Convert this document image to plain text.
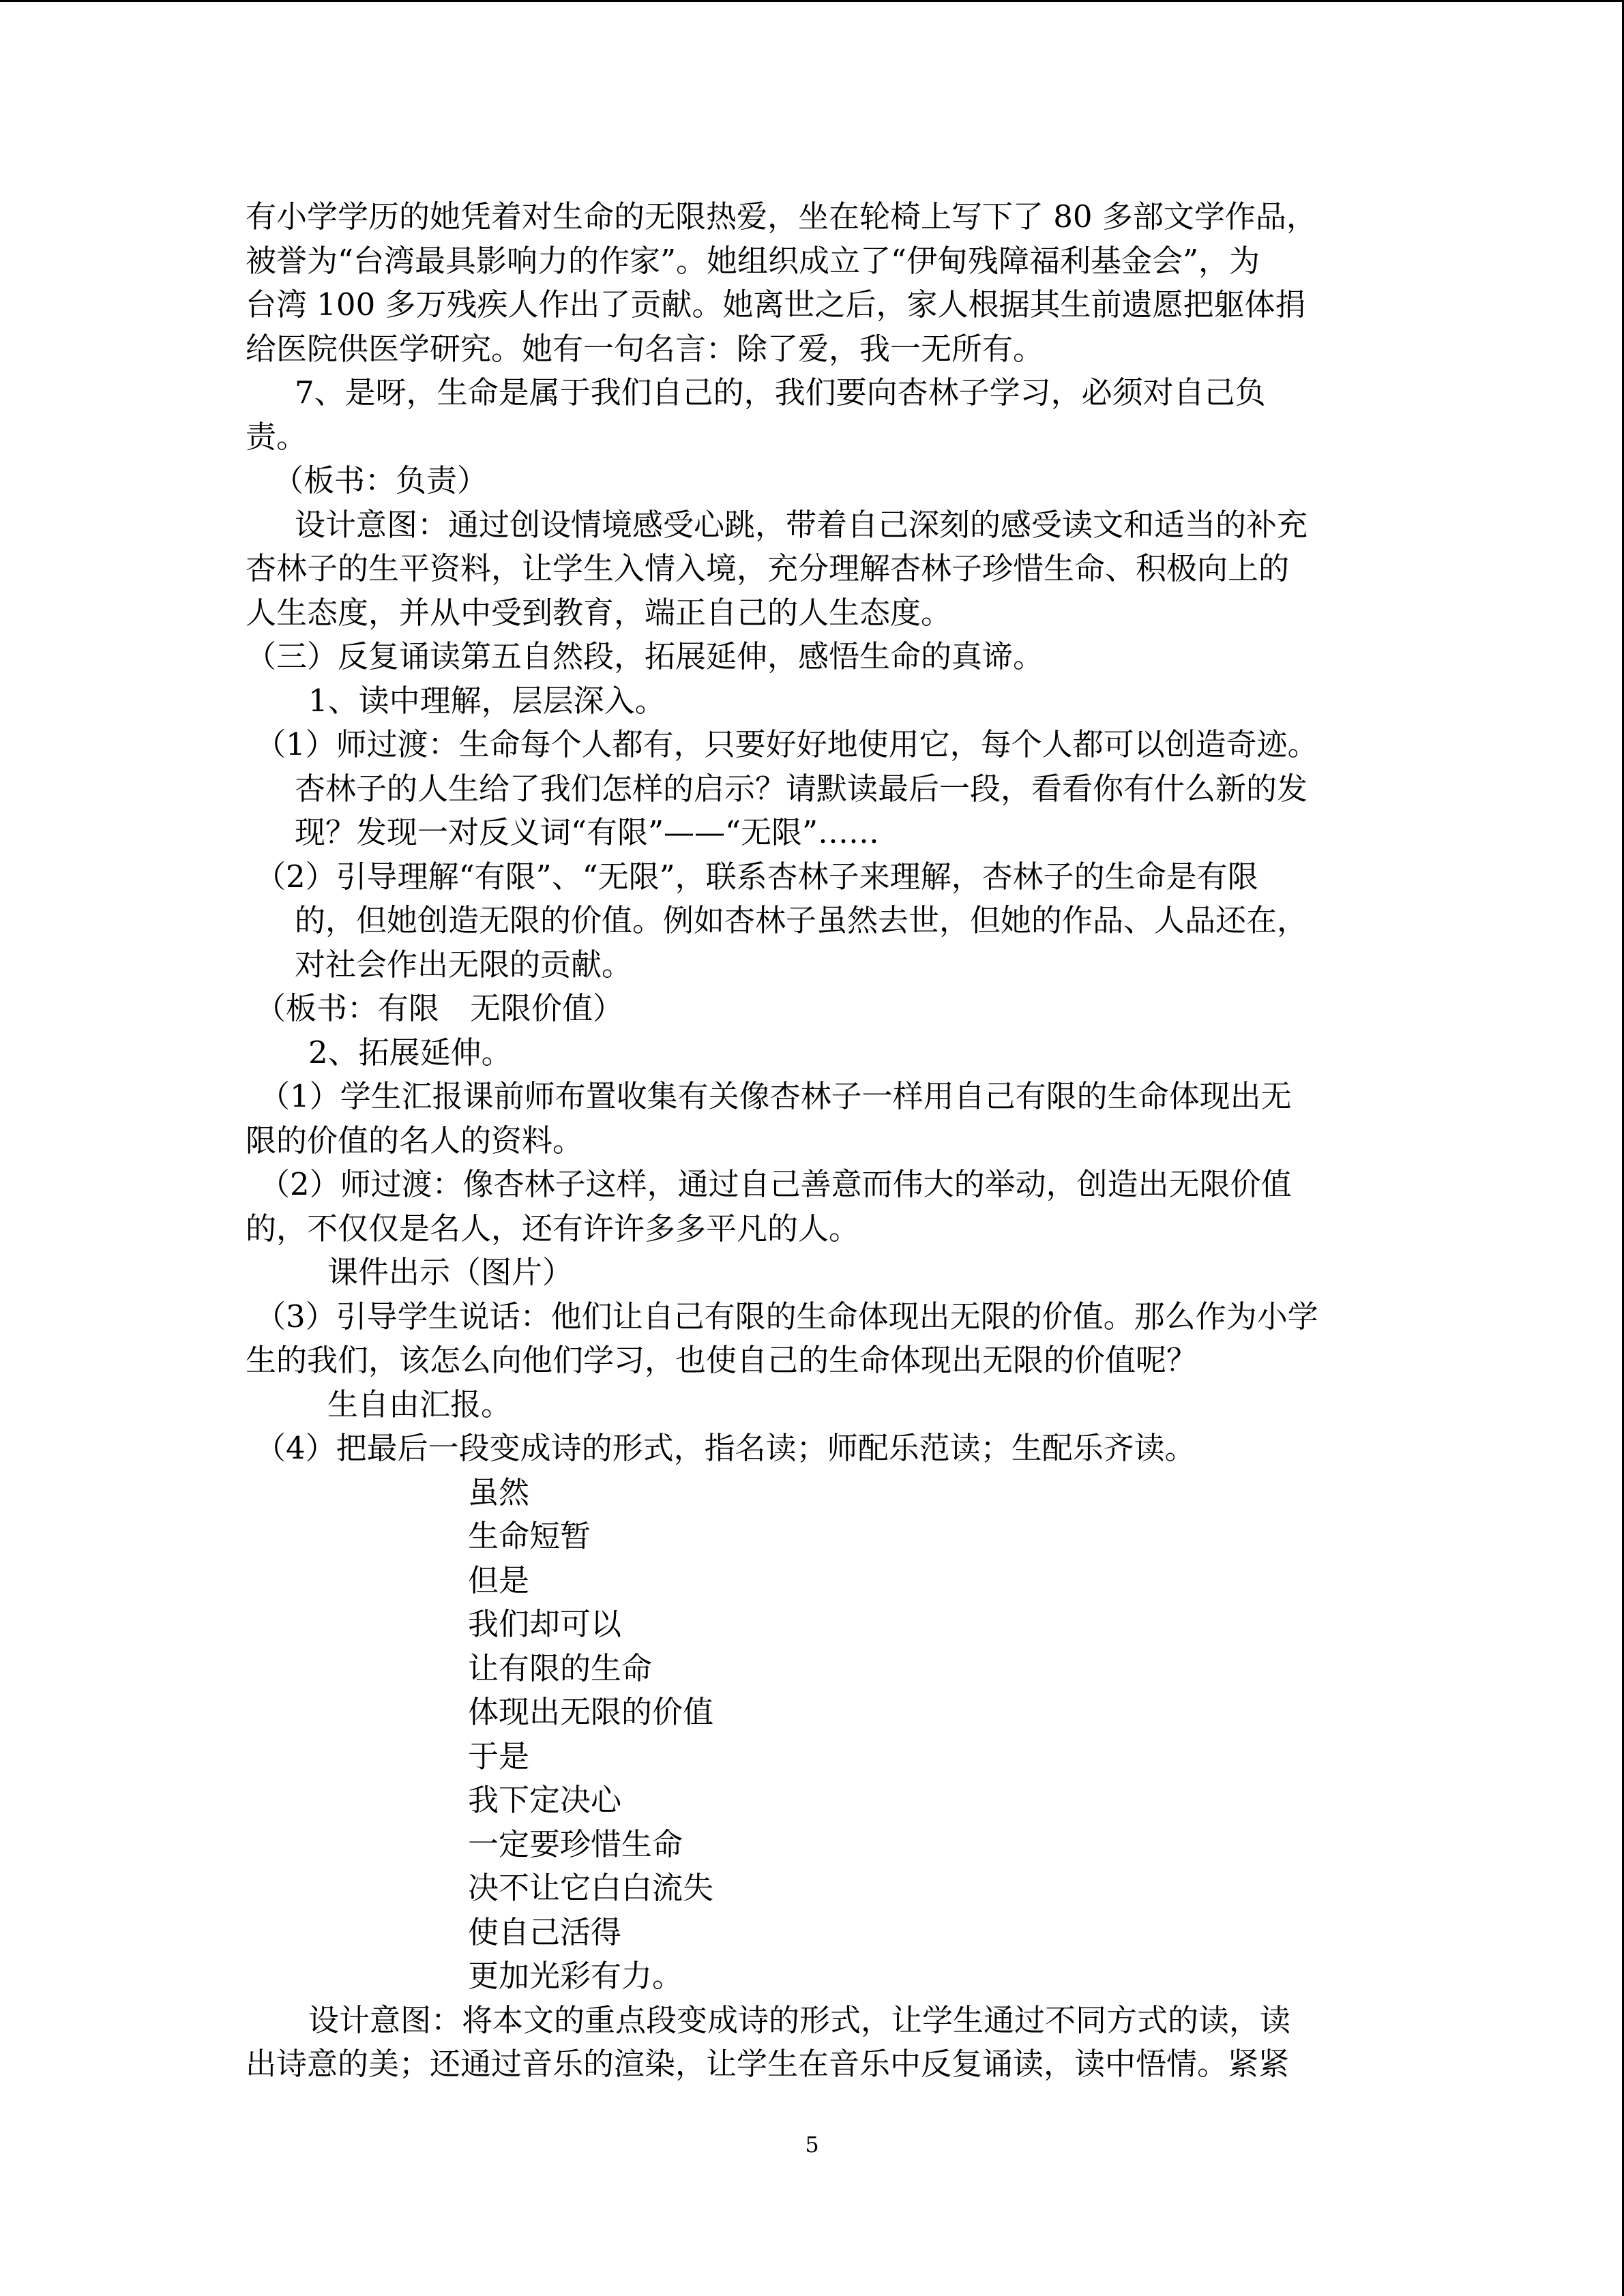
有小学学历的她凭着对生命的无限热爱，坐在轮椅上写下了 80 多部文学作品，
被誉为“台湾最具影响力的作家”。她组织成立了“伊甸残障福利基金会”，为
台湾 100 多万残疾人作出了贡献。她离世之后，家人根据其生前遗愿把躯体捐
给医院供医学研究。她有一句名言：除了爱，我一无所有。
7、是呀，生命是属于我们自己的，我们要向杏林子学习，必须对自己负
责。
（板书：负责）
设计意图：通过创设情境感受心跳，带着自己深刻的感受读文和适当的补充
杏林子的生平资料，让学生入情入境，充分理解杏林子珍惜生命、积极向上的
人生态度，并从中受到教育，端正自己的人生态度。
（三）反复诵读第五自然段，拓展延伸，感悟生命的真谛。
1、读中理解，层层深入。
（1）师过渡：生命每个人都有，只要好好地使用它，每个人都可以创造奇迹。
杏林子的人生给了我们怎样的启示？请默读最后一段，看看你有什么新的发
现？发现一对反义词“有限”——“无限”……
（2）引导理解“有限”、“无限”，联系杏林子来理解，杏林子的生命是有限
的，但她创造无限的价值。例如杏林子虽然去世，但她的作品、人品还在，
对社会作出无限的贡献。
（板书：有限　无限价值）
2、拓展延伸。
（1）学生汇报课前师布置收集有关像杏林子一样用自己有限的生命体现出无
限的价值的名人的资料。
（2）师过渡：像杏林子这样，通过自己善意而伟大的举动，创造出无限价值
的，不仅仅是名人，还有许许多多平凡的人。
课件出示（图片）
（3）引导学生说话：他们让自己有限的生命体现出无限的价值。那么作为小学
生的我们，该怎么向他们学习，也使自己的生命体现出无限的价值呢？
生自由汇报。
（4）把最后一段变成诗的形式，指名读；师配乐范读；生配乐齐读。
虽然
生命短暂
但是
我们却可以
让有限的生命
体现出无限的价值
于是
我下定决心
一定要珍惜生命
决不让它白白流失
使自己活得
更加光彩有力。
设计意图：将本文的重点段变成诗的形式，让学生通过不同方式的读，读
出诗意的美；还通过音乐的渲染，让学生在音乐中反复诵读，读中悟情。紧紧
5
